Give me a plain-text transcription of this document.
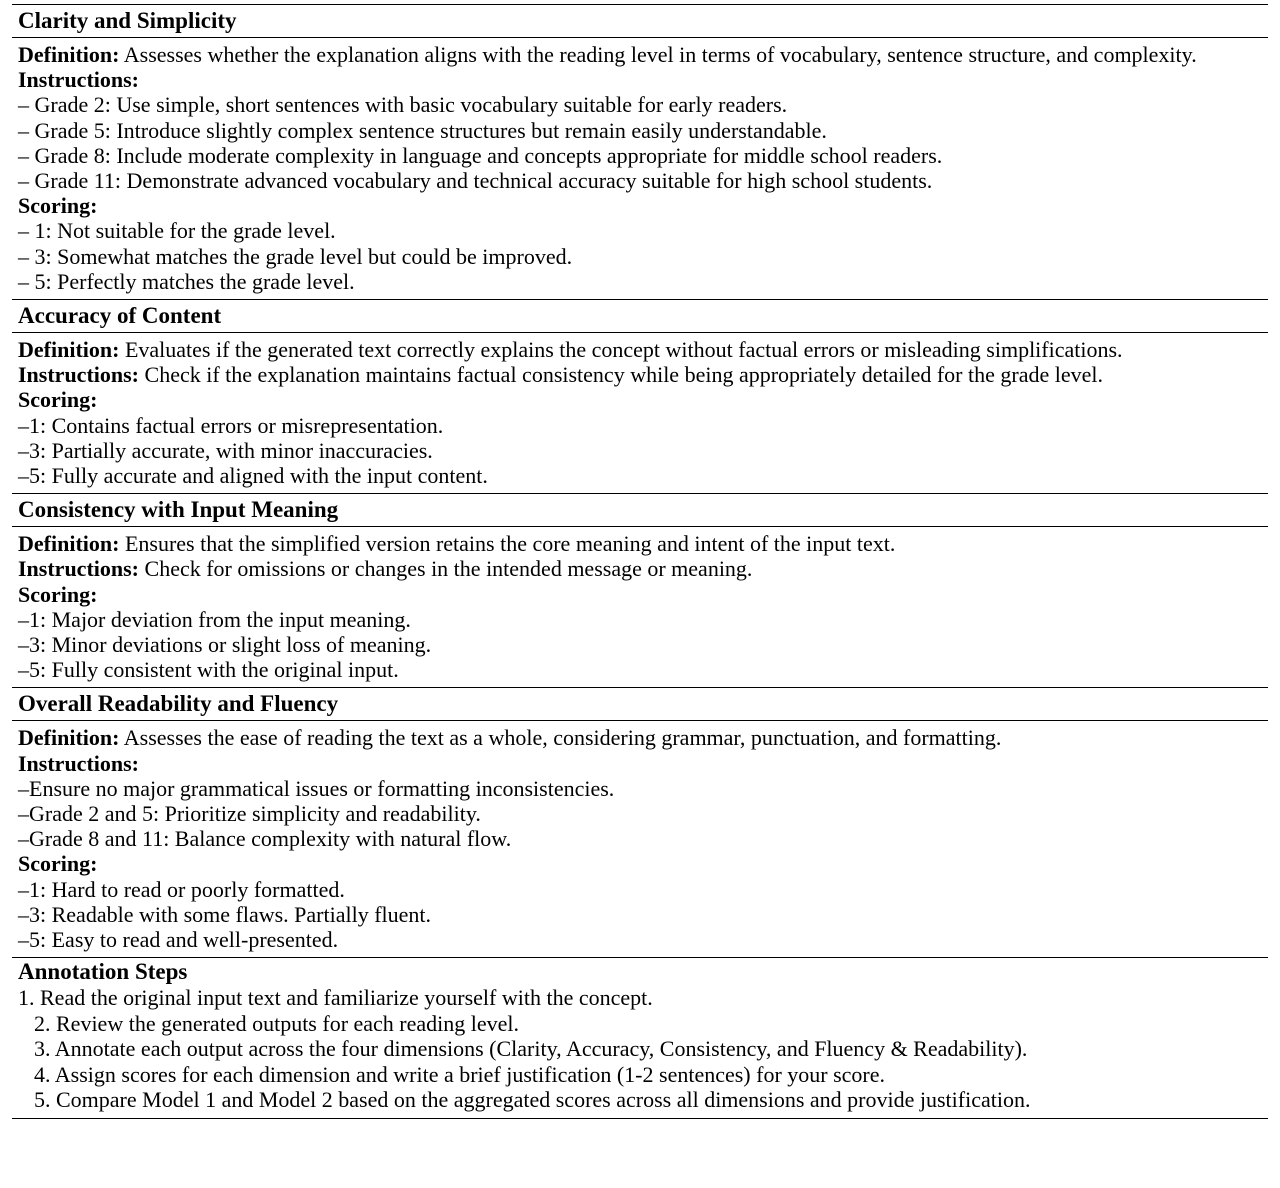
Clarity and Simplicity

Definition: Assesses whether the explanation aligns with the reading level in terms of vocabulary, sentence structure, and complexity.

Instructions:

– Grade 2: Use simple, short sentences with basic vocabulary suitable for early readers.

– Grade 5: Introduce slightly complex sentence structures but remain easily understandable.

– Grade 8: Include moderate complexity in language and concepts appropriate for middle school readers.

– Grade 11: Demonstrate advanced vocabulary and technical accuracy suitable for high school students.

Scoring:

– 1: Not suitable for the grade level.

– 3: Somewhat matches the grade level but could be improved.

– 5: Perfectly matches the grade level.

Accuracy of Content

Definition: Evaluates if the generated text correctly explains the concept without factual errors or misleading simplifications.

Instructions: Check if the explanation maintains factual consistency while being appropriately detailed for the grade level.

Scoring:

–1: Contains factual errors or misrepresentation.

–3: Partially accurate, with minor inaccuracies.

–5: Fully accurate and aligned with the input content.

Consistency with Input Meaning

Definition: Ensures that the simplified version retains the core meaning and intent of the input text.

Instructions: Check for omissions or changes in the intended message or meaning.

Scoring:

–1: Major deviation from the input meaning.

–3: Minor deviations or slight loss of meaning.

–5: Fully consistent with the original input.

Overall Readability and Fluency

Definition: Assesses the ease of reading the text as a whole, considering grammar, punctuation, and formatting.

Instructions:

–Ensure no major grammatical issues or formatting inconsistencies.

–Grade 2 and 5: Prioritize simplicity and readability.

–Grade 8 and 11: Balance complexity with natural flow.

Scoring:

–1: Hard to read or poorly formatted.

–3: Readable with some flaws. Partially fluent.

–5: Easy to read and well-presented.

Annotation Steps

1. Read the original input text and familiarize yourself with the concept.

2. Review the generated outputs for each reading level.

3. Annotate each output across the four dimensions (Clarity, Accuracy, Consistency, and Fluency & Readability).

4. Assign scores for each dimension and write a brief justification (1-2 sentences) for your score.

5. Compare Model 1 and Model 2 based on the aggregated scores across all dimensions and provide justification.
